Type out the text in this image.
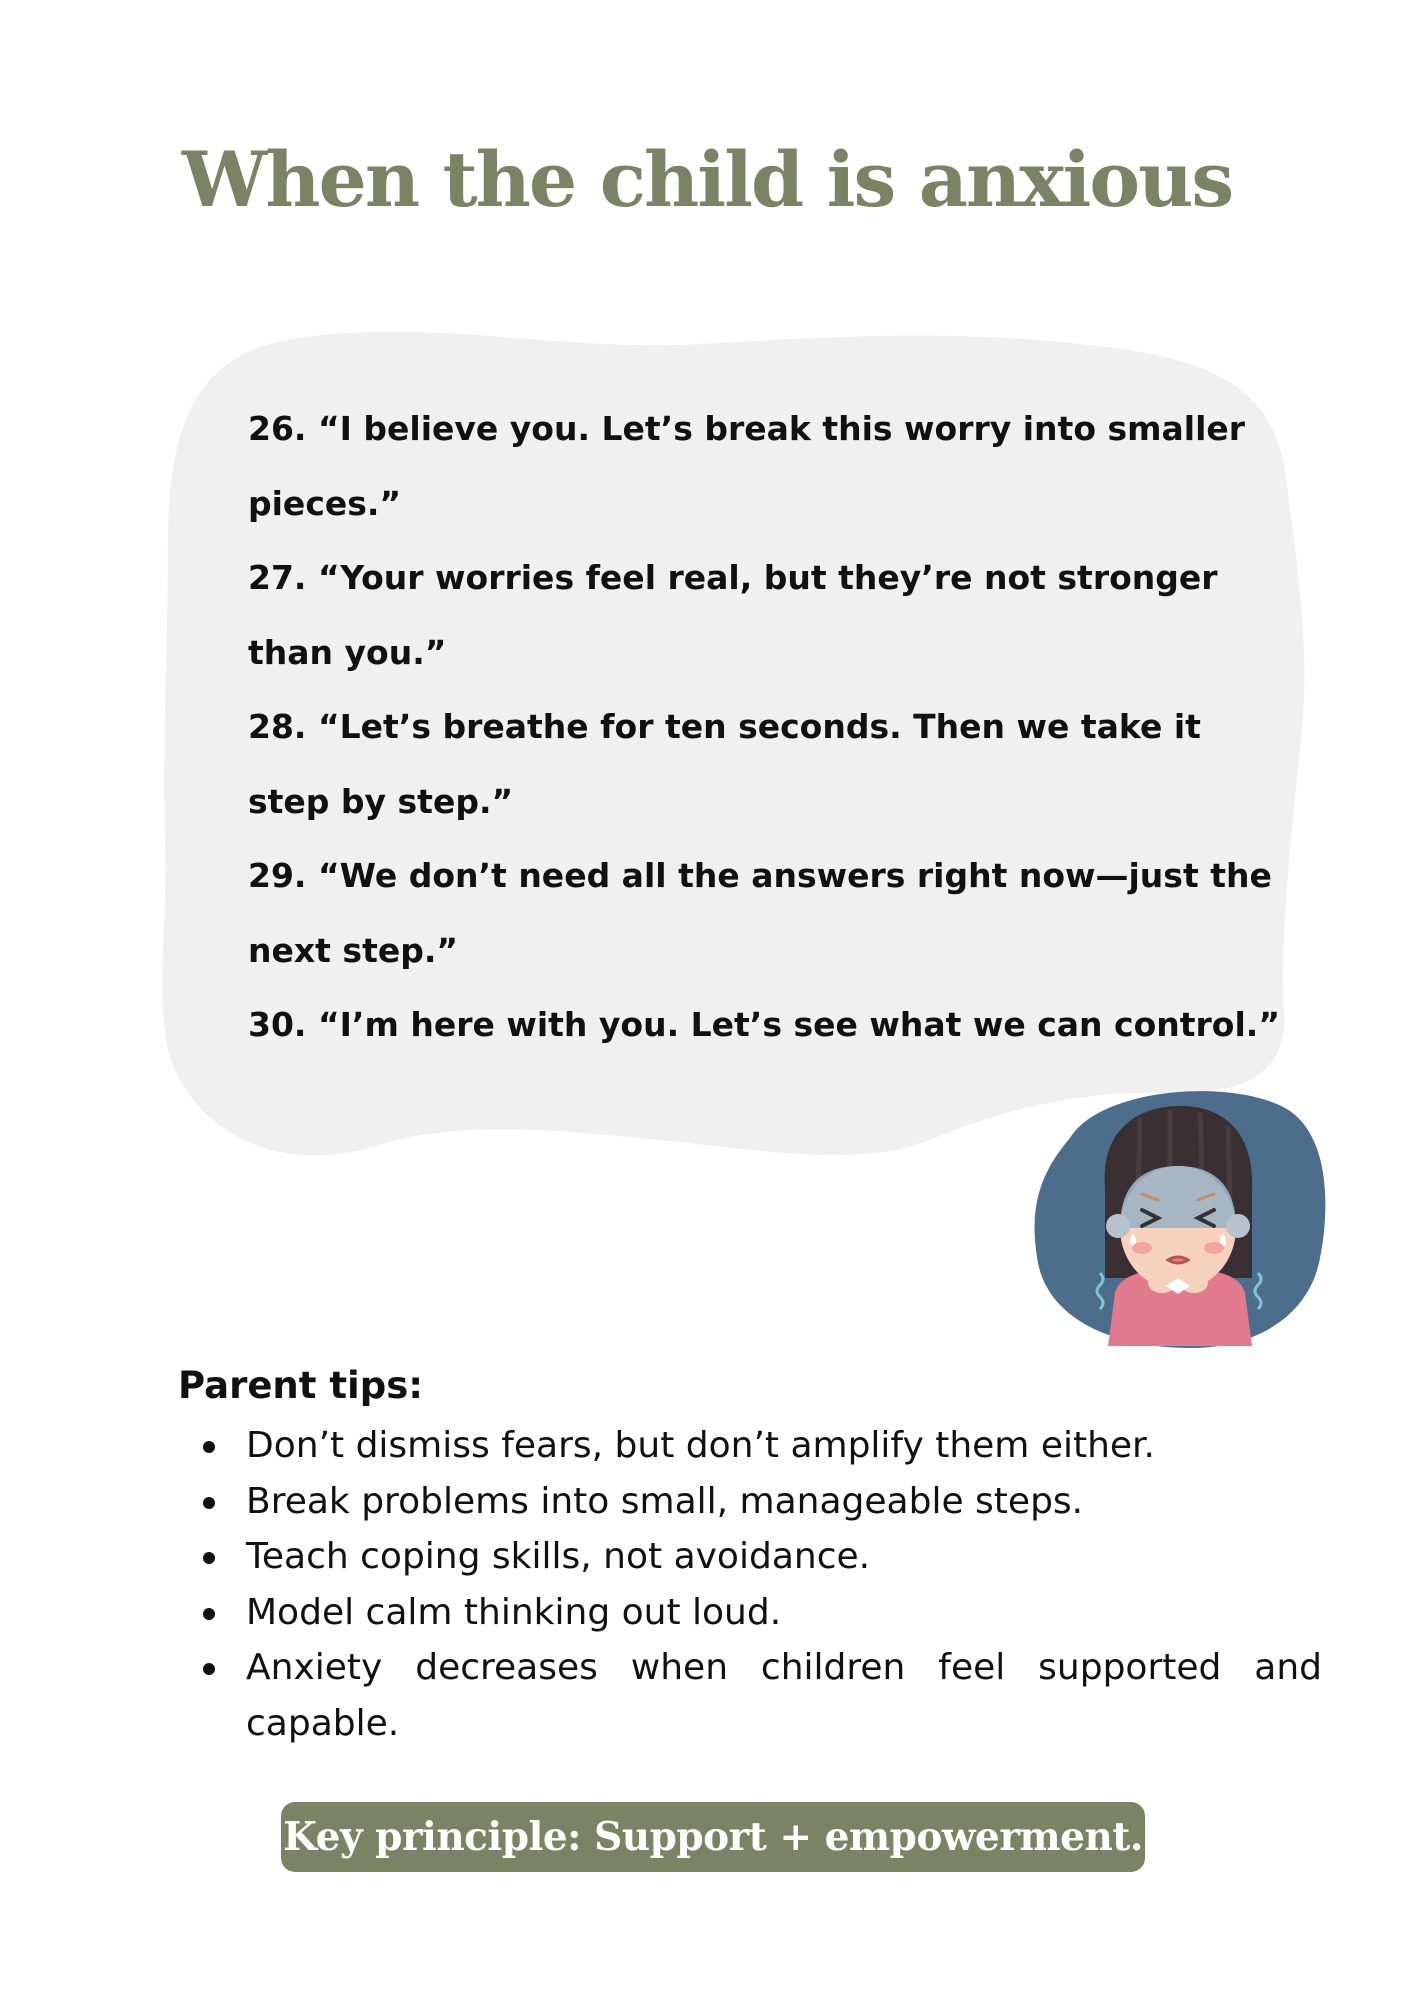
When the child is anxious
26. “I believe you. Let’s break this worry into smaller pieces.”
27. “Your worries feel real, but they’re not stronger than you.”
28. “Let’s breathe for ten seconds. Then we take it step by step.”
29. “We don’t need all the answers right now—just the next step.”
30. “I’m here with you. Let’s see what we can control.”
Parent tips:
Don’t dismiss fears, but don’t amplify them either.
Break problems into small, manageable steps.
Teach coping skills, not avoidance.
Model calm thinking out loud.
Anxiety decreases when children feel supported and capable.
Key principle: Support + empowerment.
